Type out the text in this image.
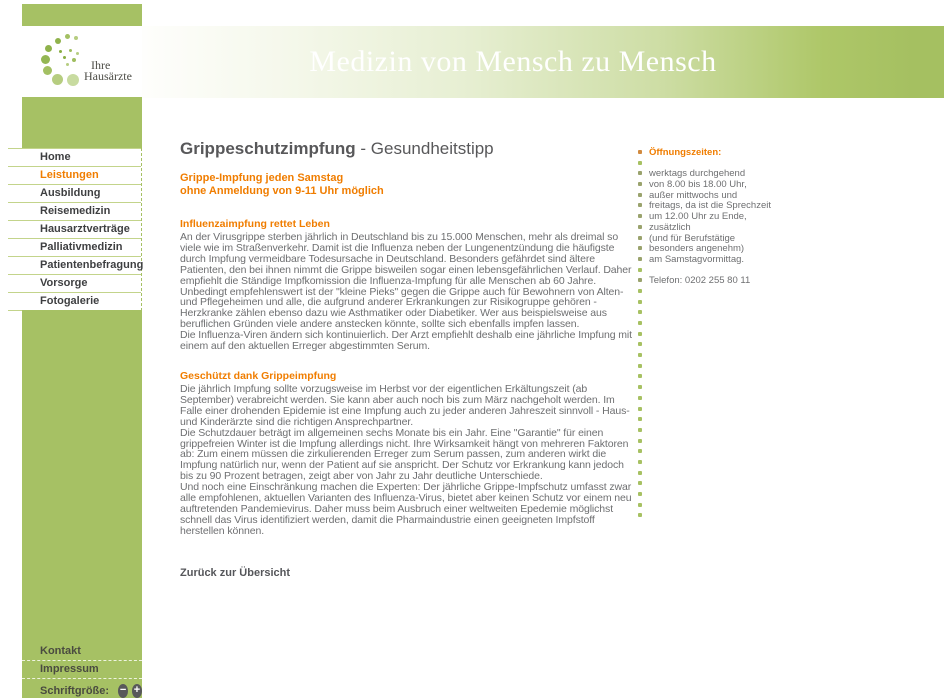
Ihre
Hausärzte	Medizin von Mensch zu Mensch
Home
Leistungen
Ausbildung
Reisemedizin
Hausarztverträge
Palliativmedizin
Patientenbefragung
Vorsorge
Fotogalerie
Kontakt
Impressum
Schriftgröße: − +
Grippeschutzimpfung - Gesundheitstipp
Grippe-Impfung jeden Samstag
ohne Anmeldung von 9-11 Uhr möglich
Influenzaimpfung rettet Leben

An der Virusgrippe sterben jährlich in Deutschland bis zu 15.000 Menschen, mehr als dreimal so viele wie im Straßenverkehr. Damit ist die Influenza neben der Lungenentzündung die häufigste durch Impfung vermeidbare Todesursache in Deutschland. Besonders gefährdet sind ältere Patienten, den bei ihnen nimmt die Grippe bisweilen sogar einen lebensgefährlichen Verlauf. Daher empfiehlt die Ständige Impfkomission die Influenza-Impfung für alle Menschen ab 60 Jahre. Unbedingt empfehlenswert ist der "kleine Pieks" gegen die Grippe auch für Bewohnern von Alten- und Pflegeheimen und alle, die aufgrund anderer Erkrankungen zur Risikogruppe gehören - Herzkranke zählen ebenso dazu wie Asthmatiker oder Diabetiker. Wer aus beispielsweise aus beruflichen Gründen viele andere anstecken könnte, sollte sich ebenfalls impfen lassen.

Die Influenza-Viren ändern sich kontinuierlich. Der Arzt empfiehlt deshalb eine jährliche Impfung mit einem auf den aktuellen Erreger abgestimmten Serum.

Geschützt dank Grippeimpfung

Die jährlich Impfung sollte vorzugsweise im Herbst vor der eigentlichen Erkältungszeit (ab September) verabreicht werden. Sie kann aber auch noch bis zum März nachgeholt werden. Im Falle einer drohenden Epidemie ist eine Impfung auch zu jeder anderen Jahreszeit sinnvoll - Haus- und Kinderärzte sind die richtigen Ansprechpartner.

Die Schutzdauer beträgt im allgemeinen sechs Monate bis ein Jahr. Eine "Garantie" für einen grippefreien Winter ist die Impfung allerdings nicht. Ihre Wirksamkeit hängt von mehreren Faktoren ab: Zum einem müssen die zirkulierenden Erreger zum Serum passen, zum anderen wirkt die Impfung natürlich nur, wenn der Patient auf sie anspricht. Der Schutz vor Erkrankung kann jedoch bis zu 90 Prozent betragen, zeigt aber von Jahr zu Jahr deutliche Unterschiede.

Und noch eine Einschränkung machen die Experten: Der jährliche Grippe-Impfschutz umfasst zwar alle empfohlenen, aktuellen Varianten des Influenza-Virus, bietet aber keinen Schutz vor einem neu auftretenden Pandemievirus. Daher muss beim Ausbruch einer weltweiten Epedemie möglichst schnell das Virus identifiziert werden, damit die Pharmaindustrie einen geeigneten Impfstoff herstellen können.

Zurück zur Übersicht
Öffnungszeiten:
werktags durchgehend
von 8.00 bis 18.00 Uhr,
außer mittwochs und
freitags, da ist die Sprechzeit
um 12.00 Uhr zu Ende,
zusätzlich
(und für Berufstätige
besonders angenehm)
am Samstagvormittag.
Telefon: 0202 255 80 11
